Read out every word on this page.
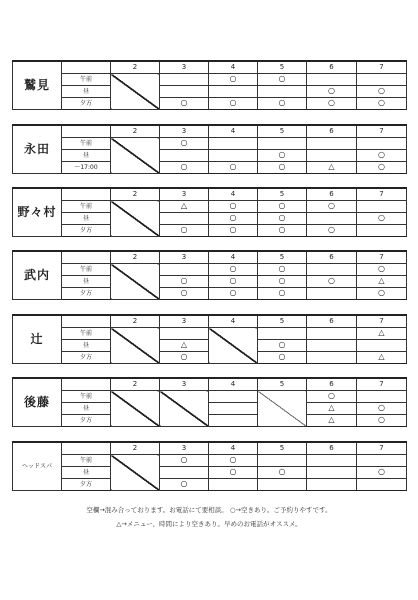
鷲見		2	3	4	5	6	7
	午前			○	○		
	昼					○	○
	夕方		○	○	○	○	○
永田		2	3	4	5	6	7
	午前		○				
	昼				○		○
	～17:00		○	○	○	△	○
野々村		2	3	4	5	6	7
	午前		△	○	○	○	
	昼			○	○		○
	夕方		○	○	○	○	
武内		2	3	4	5	6	7
	午前			○	○		○
	昼		○	○	○	○	△
	夕方		○	○	○		○
辻		2	3	4	5	6	7
	午前						△
	昼		△		○		
	夕方		○		○		△
後藤		2	3	4	5	6	7
	午前					○	
	昼					△	○
	夕方					△	○
ヘッドスパ		2	3	4	5	6	7
	午前		○	○			
	昼			○	○		○
	夕方		○				
空欄→混み合っております。お電話にて要相談。 ○→空きあり。ご予約りやすです。
△→メニュー、時間により空きあり。早めのお電話がオススメ。
